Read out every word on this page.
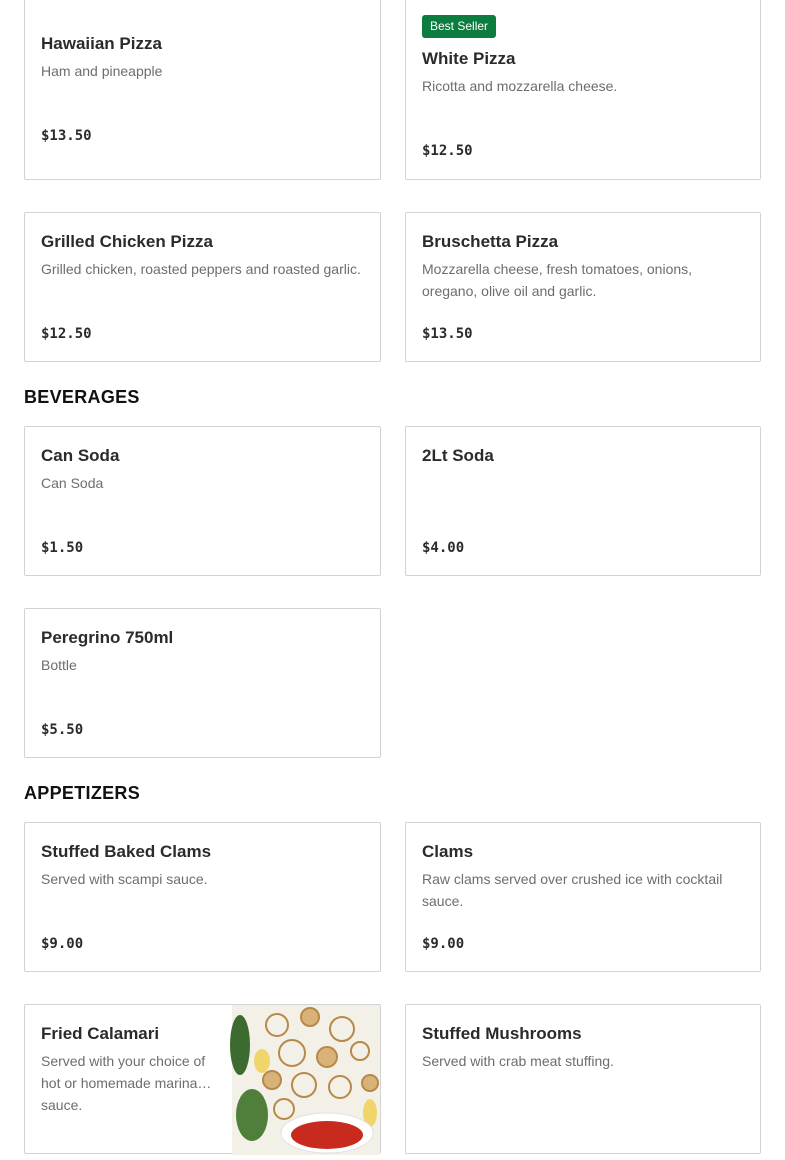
Hawaiian Pizza
Ham and pineapple
$13.50
Best Seller
White Pizza
Ricotta and mozzarella cheese.
$12.50
Grilled Chicken Pizza
Grilled chicken, roasted peppers and roasted garlic.
$12.50
Bruschetta Pizza
Mozzarella cheese, fresh tomatoes, onions, oregano, olive oil and garlic.
$13.50
BEVERAGES
Can Soda
Can Soda
$1.50
2Lt Soda
$4.00
Peregrino 750ml
Bottle
$5.50
APPETIZERS
Stuffed Baked Clams
Served with scampi sauce.
$9.00
Clams
Raw clams served over crushed ice with cocktail sauce.
$9.00
Fried Calamari
Served with your choice of hot or homemade marinara sauce.
Stuffed Mushrooms
Served with crab meat stuffing.
